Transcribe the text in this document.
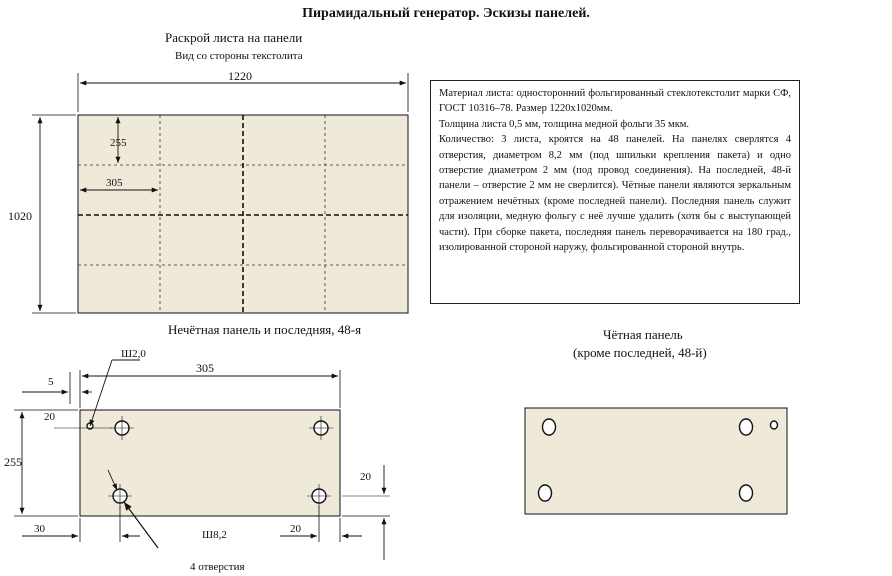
Пирамидальный генератор. Эскизы панелей.
Раскрой листа на панели
Вид со стороны текстолита

Материал листа: односторонний фольгированный стеклотекстолит марки СФ, ГОСТ 10316–78. Размер 1220х1020мм.

Толщина листа 0,5 мм, толщина медной фольги 35 мкм.

Количество: 3 листа, кроятся на 48 панелей. На панелях сверлятся 4 отверстия, диаметром 8,2 мм (под шпильки крепления пакета) и одно отверстие диаметром 2 мм (под провод соединения). На последней, 48-й панели – отверстие 2 мм не сверлится). Чётные панели являются зеркальным отражением нечётных (кроме последней панели). Последняя панель служит для изоляции, медную фольгу с неё лучше удалить (хотя бы с выступающей части). При сборке пакета, последняя панель переворачивается на 180 град., изолированной стороной наружу, фольгированной стороной внутрь.

Нечётная панель и последняя, 48-я	Чётная панель
(кроме последней, 48-й)
1220
1020
255
305
305
Ш2,0
5
20
255
30	20
20
Ш8,2
4 отверстия
